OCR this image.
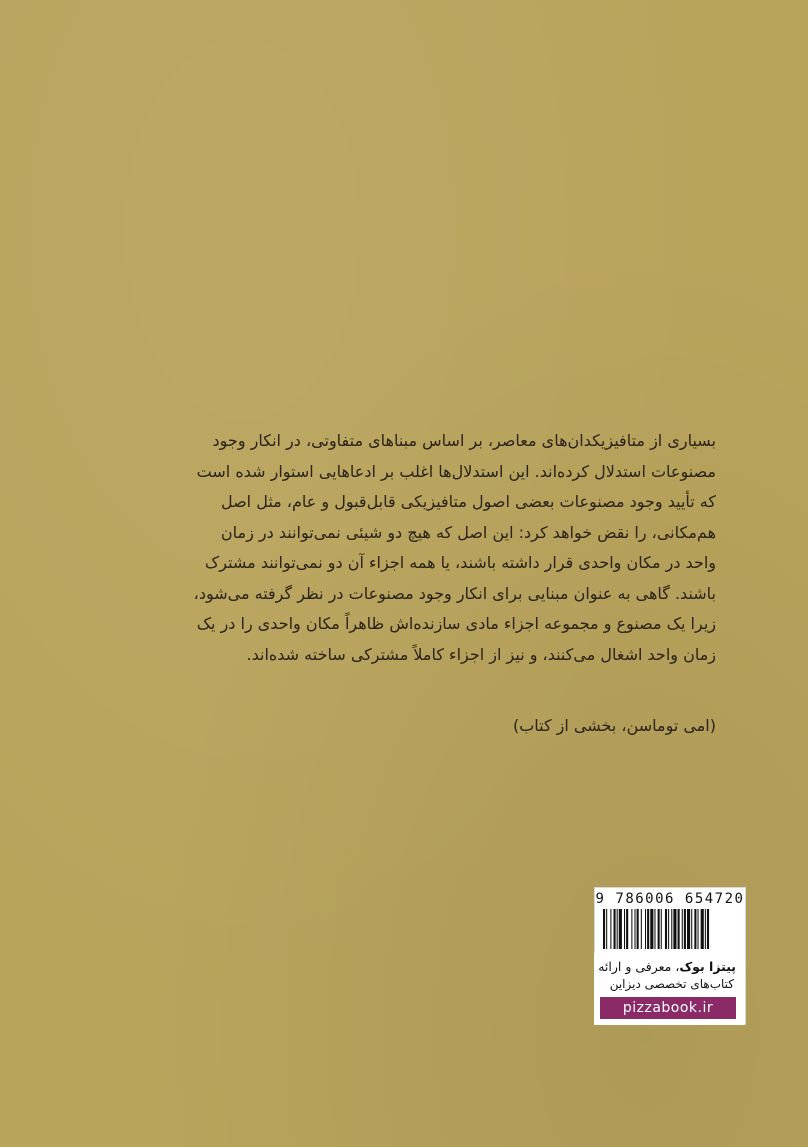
بسیاری از متافیزیکدان‌های معاصر، بر اساس مبناهای متفاوتی، در انکار وجود

مصنوعات استدلال کرده‌اند. این استدلال‌ها اغلب بر ادعاهایی استوار شده است

که تأیید وجود مصنوعات بعضی اصول متافیزیکی قابل‌قبول و عام، مثل اصل

هم‌مکانی، را نقض خواهد کرد: این اصل که هیچ دو شیئی نمی‌توانند در زمان

واحد در مکان واحدی قرار داشته باشند، یا همه اجزاء آن دو نمی‌توانند مشترک

باشند. گاهی به عنوان مبنایی برای انکار وجود مصنوعات در نظر گرفته می‌شود،

زیرا یک مصنوع و مجموعه اجزاء مادی سازنده‌اش ظاهراً مکان واحدی را در یک

زمان واحد اشغال می‌کنند، و نیز از اجزاء کاملاً مشترکی ساخته شده‌اند.

(امی توماسن، بخشی از کتاب)
9 786006 654720
پیتزا بوک، معرفی و ارائه
کتاب‌های تخصصی دیزاین
pizzabook.ir
